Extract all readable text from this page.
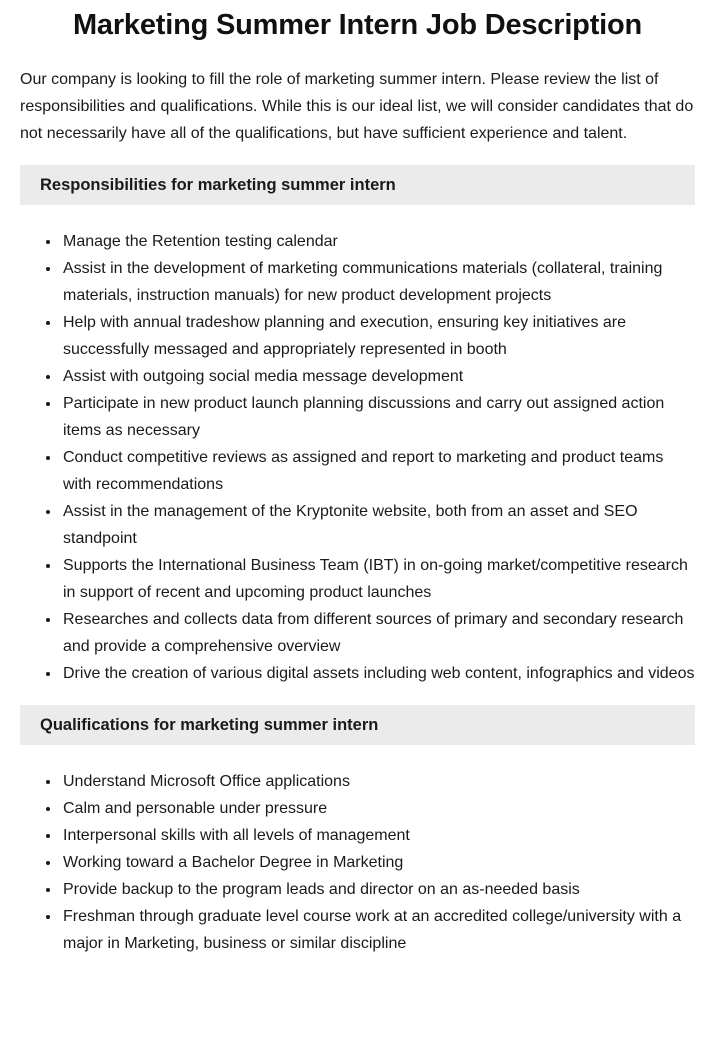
Marketing Summer Intern Job Description

Our company is looking to fill the role of marketing summer intern. Please review the list of responsibilities and qualifications. While this is our ideal list, we will consider candidates that do not necessarily have all of the qualifications, but have sufficient experience and talent.

Responsibilities for marketing summer intern
• Manage the Retention testing calendar
• Assist in the development of marketing communications materials (collateral, training materials, instruction manuals) for new product development projects
• Help with annual tradeshow planning and execution, ensuring key initiatives are successfully messaged and appropriately represented in booth
• Assist with outgoing social media message development
• Participate in new product launch planning discussions and carry out assigned action items as necessary
• Conduct competitive reviews as assigned and report to marketing and product teams with recommendations
• Assist in the management of the Kryptonite website, both from an asset and SEO standpoint
• Supports the International Business Team (IBT) in on-going market/competitive research in support of recent and upcoming product launches
• Researches and collects data from different sources of primary and secondary research and provide a comprehensive overview
• Drive the creation of various digital assets including web content, infographics and videos
Qualifications for marketing summer intern
• Understand Microsoft Office applications
• Calm and personable under pressure
• Interpersonal skills with all levels of management
• Working toward a Bachelor Degree in Marketing
• Provide backup to the program leads and director on an as-needed basis
• Freshman through graduate level course work at an accredited college/university with a major in Marketing, business or similar discipline
